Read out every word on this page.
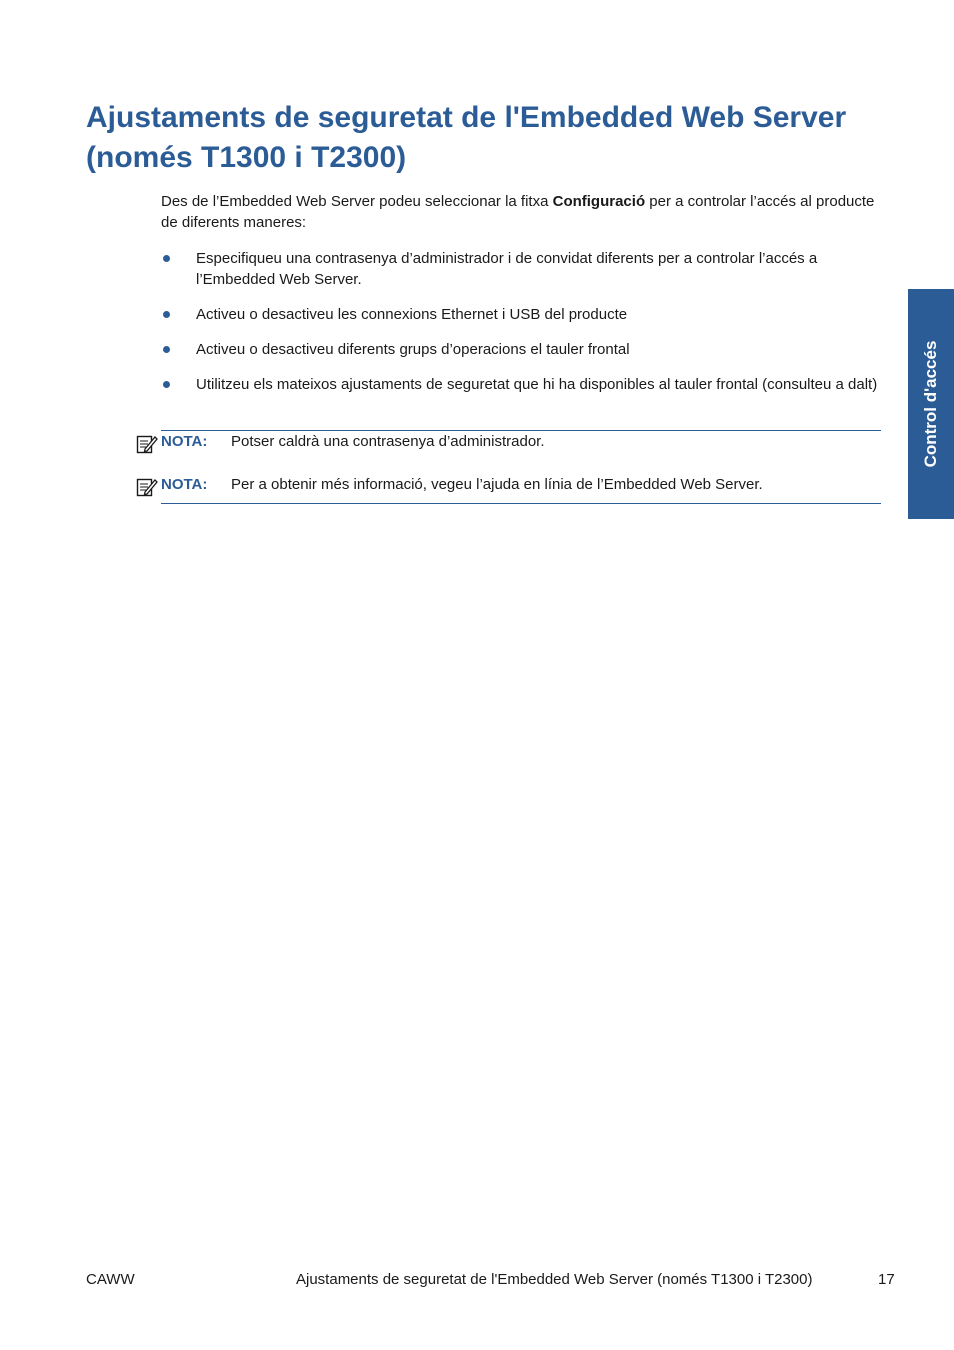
Ajustaments de seguretat de l'Embedded Web Server
(només T1300 i T2300)

Des de l’Embedded Web Server podeu seleccionar la fitxa Configuració per a controlar l’accés al producte de diferents maneres:

Especifiqueu una contrasenya d’administrador i de convidat diferents per a controlar l’accés a l’Embedded Web Server.
Activeu o desactiveu les connexions Ethernet i USB del producte
Activeu o desactiveu diferents grups d’operacions el tauler frontal
Utilitzeu els mateixos ajustaments de seguretat que hi ha disponibles al tauler frontal (consulteu a dalt)
NOTA: Potser caldrà una contrasenya d’administrador.
NOTA: Per a obtenir més informació, vegeu l’ajuda en línia de l’Embedded Web Server.
Control d'accés
CAWW	Ajustaments de seguretat de l'Embedded Web Server (només T1300 i T2300)	17
